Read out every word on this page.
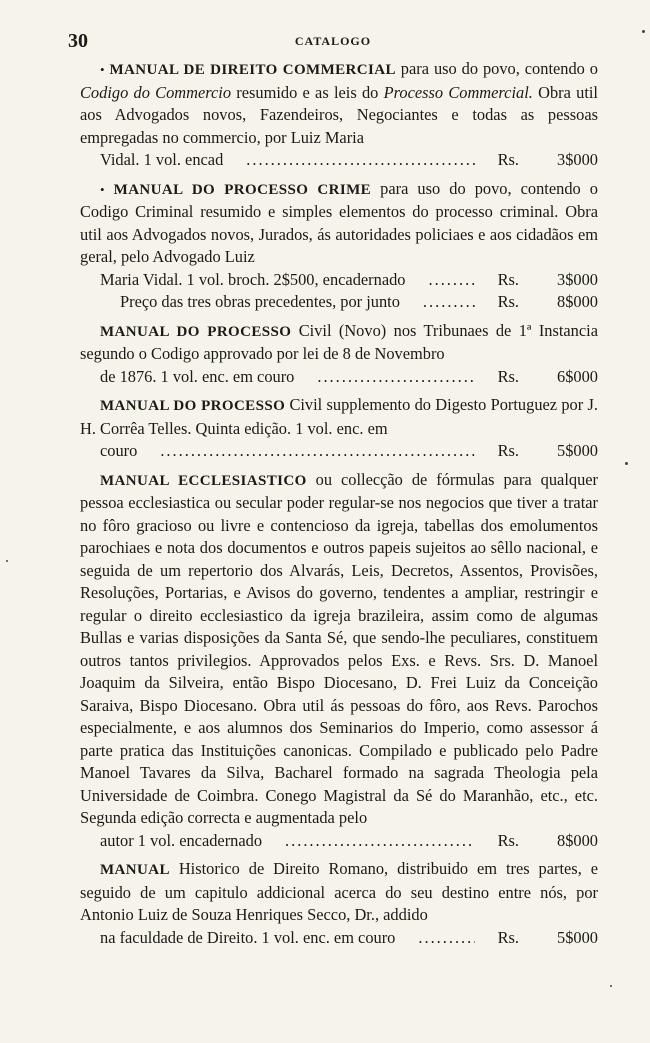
30	CATALOGO
• MANUAL DE DIREITO COMMERCIAL para uso do povo, contendo o Codigo do Commercio resumido e as leis do Processo Commercial. Obra util aos Advogados novos, Fazendeiros, Negociantes e todas as pessoas empregadas no commercio, por Luiz Maria
Vidal. 1 vol. encad .....	Rs.	3$000
• MANUAL DO PROCESSO CRIME para uso do povo, contendo o Codigo Criminal resumido e simples elementos do processo criminal. Obra util aos Advogados novos, Jurados, ás autoridades policiaes e aos cidadãos em geral, pelo Advogado Luiz
Maria Vidal. 1 vol. broch. 2$500, encadernado .....	Rs.	3$000
Preço das tres obras precedentes, por junto .....	Rs.	8$000
MANUAL DO PROCESSO Civil (Novo) nos Tribunaes de 1ª Instancia segundo o Codigo approvado por lei de 8 de Novembro
de 1876. 1 vol. enc. em couro .....	Rs.	6$000
MANUAL DO PROCESSO Civil supplemento do Digesto Portuguez por J. H. Corrêa Telles. Quinta edição. 1 vol. enc. em
couro .....	Rs.	5$000
MANUAL ECCLESIASTICO ou collecção de fórmulas para qualquer pessoa ecclesiastica ou secular poder regular-se nos negocios que tiver a tratar no fôro gracioso ou livre e contencioso da igreja, tabellas dos emolumentos parochiaes e nota dos documentos e outros papeis sujeitos ao sêllo nacional, e seguida de um repertorio dos Alvarás, Leis, Decretos, Assentos, Provisões, Resoluções, Portarias, e Avisos do governo, tendentes a ampliar, restringir e regular o direito ecclesiastico da igreja brazileira, assim como de algumas Bullas e varias disposições da Santa Sé, que sendo-lhe peculiares, constituem outros tantos privilegios. Approvados pelos Exs. e Revs. Srs. D. Manoel Joaquim da Silveira, então Bispo Diocesano, D. Frei Luiz da Conceição Saraiva, Bispo Diocesano. Obra util ás pessoas do fôro, aos Revs. Parochos especialmente, e aos alumnos dos Seminarios do Imperio, como assessor á parte pratica das Instituições canonicas. Compilado e publicado pelo Padre Manoel Tavares da Silva, Bacharel formado na sagrada Theologia pela Universidade de Coimbra. Conego Magistral da Sé do Maranhão, etc., etc. Segunda edição correcta e augmentada pelo
autor 1 vol. encadernado .....	Rs.	8$000
MANUAL Historico de Direito Romano, distribuido em tres partes, e seguido de um capitulo addicional acerca do seu destino entre nós, por Antonio Luiz de Souza Henriques Secco, Dr., addido
na faculdade de Direito. 1 vol. enc. em couro .....	Rs.	5$000
